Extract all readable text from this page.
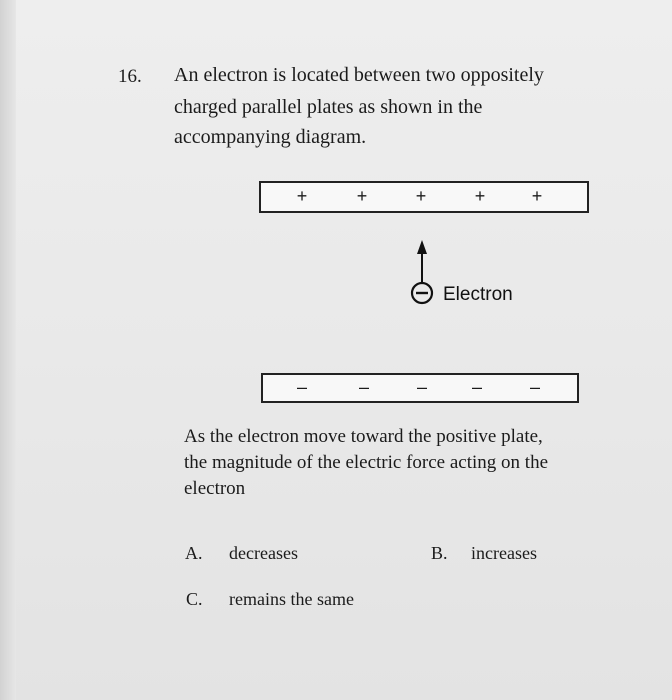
16. An electron is located between two oppositely
charged parallel plates as shown in the
accompanying diagram.
+	+	+	+	+
Electron
–	–	– –	–
As the electron move toward the positive plate,
the magnitude of the electric force acting on the
electron
A. decreases	B. increases
C. remains the same
